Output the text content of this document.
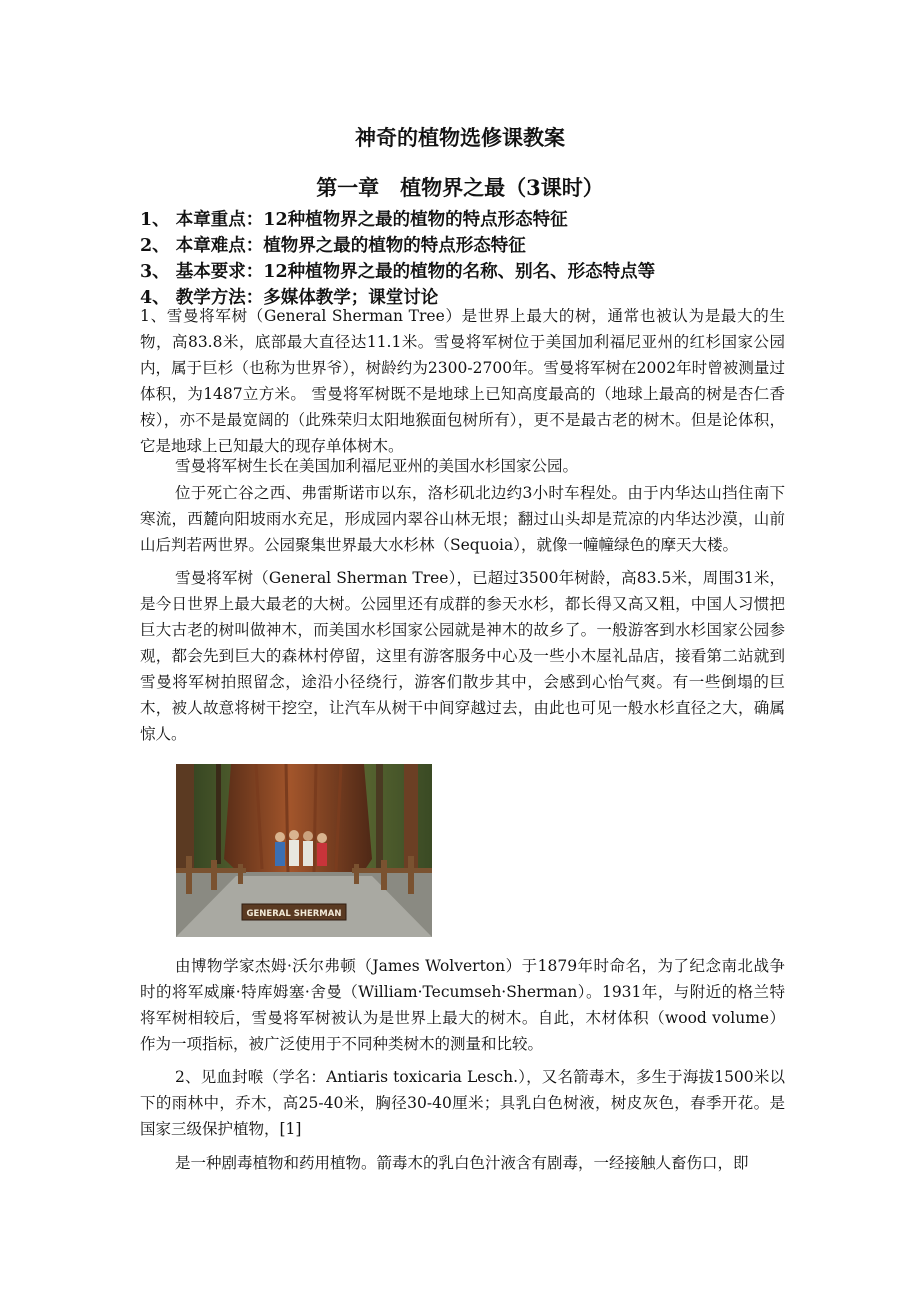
神奇的植物选修课教案
第一章　植物界之最（3课时）
1、 本章重点：12种植物界之最的植物的特点形态特征
2、 本章难点：植物界之最的植物的特点形态特征
3、 基本要求：12种植物界之最的植物的名称、别名、形态特点等
4、 教学方法：多媒体教学；课堂讨论

1、雪曼将军树（General Sherman Tree）是世界上最大的树，通常也被认为是最大的生物，高83.8米，底部最大直径达11.1米。雪曼将军树位于美国加利福尼亚州的红杉国家公园内，属于巨杉（也称为世界爷），树龄约为2300-2700年。雪曼将军树在2002年时曾被测量过体积，为1487立方米。 雪曼将军树既不是地球上已知高度最高的（地球上最高的树是杏仁香桉），亦不是最宽阔的（此殊荣归太阳地猴面包树所有），更不是最古老的树木。但是论体积，它是地球上已知最大的现存单体树木。

雪曼将军树生长在美国加利福尼亚州的美国水杉国家公园。

位于死亡谷之西、弗雷斯诺市以东，洛杉矶北边约3小时车程处。由于内华达山挡住南下寒流，西麓向阳坡雨水充足，形成园内翠谷山林无垠；翻过山头却是荒凉的内华达沙漠，山前山后判若两世界。公园聚集世界最大水杉林（Sequoia），就像一幢幢绿色的摩天大楼。

雪曼将军树（General Sherman Tree），已超过3500年树龄，高83.5米，周围31米，是今日世界上最大最老的大树。公园里还有成群的参天水杉，都长得又高又粗，中国人习惯把巨大古老的树叫做神木，而美国水杉国家公园就是神木的故乡了。一般游客到水杉国家公园参观，都会先到巨大的森林村停留，这里有游客服务中心及一些小木屋礼品店，接看第二站就到雪曼将军树拍照留念，途沿小径绕行，游客们散步其中，会感到心怡气爽。有一些倒塌的巨木，被人故意将树干挖空，让汽车从树干中间穿越过去，由此也可见一般水杉直径之大，确属惊人。

GENERAL SHERMAN

由博物学家杰姆·沃尔弗顿（James Wolverton）于1879年时命名，为了纪念南北战争时的将军威廉·特库姆塞·舍曼（William·Tecumseh·Sherman）。1931年，与附近的格兰特将军树相较后，雪曼将军树被认为是世界上最大的树木。自此，木材体积（wood volume）作为一项指标，被广泛使用于不同种类树木的测量和比较。

2、见血封喉（学名：Antiaris toxicaria Lesch.），又名箭毒木，多生于海拔1500米以下的雨林中，乔木，高25-40米，胸径30-40厘米；具乳白色树液，树皮灰色，春季开花。是国家三级保护植物，[1]

是一种剧毒植物和药用植物。箭毒木的乳白色汁液含有剧毒，一经接触人畜伤口，即
